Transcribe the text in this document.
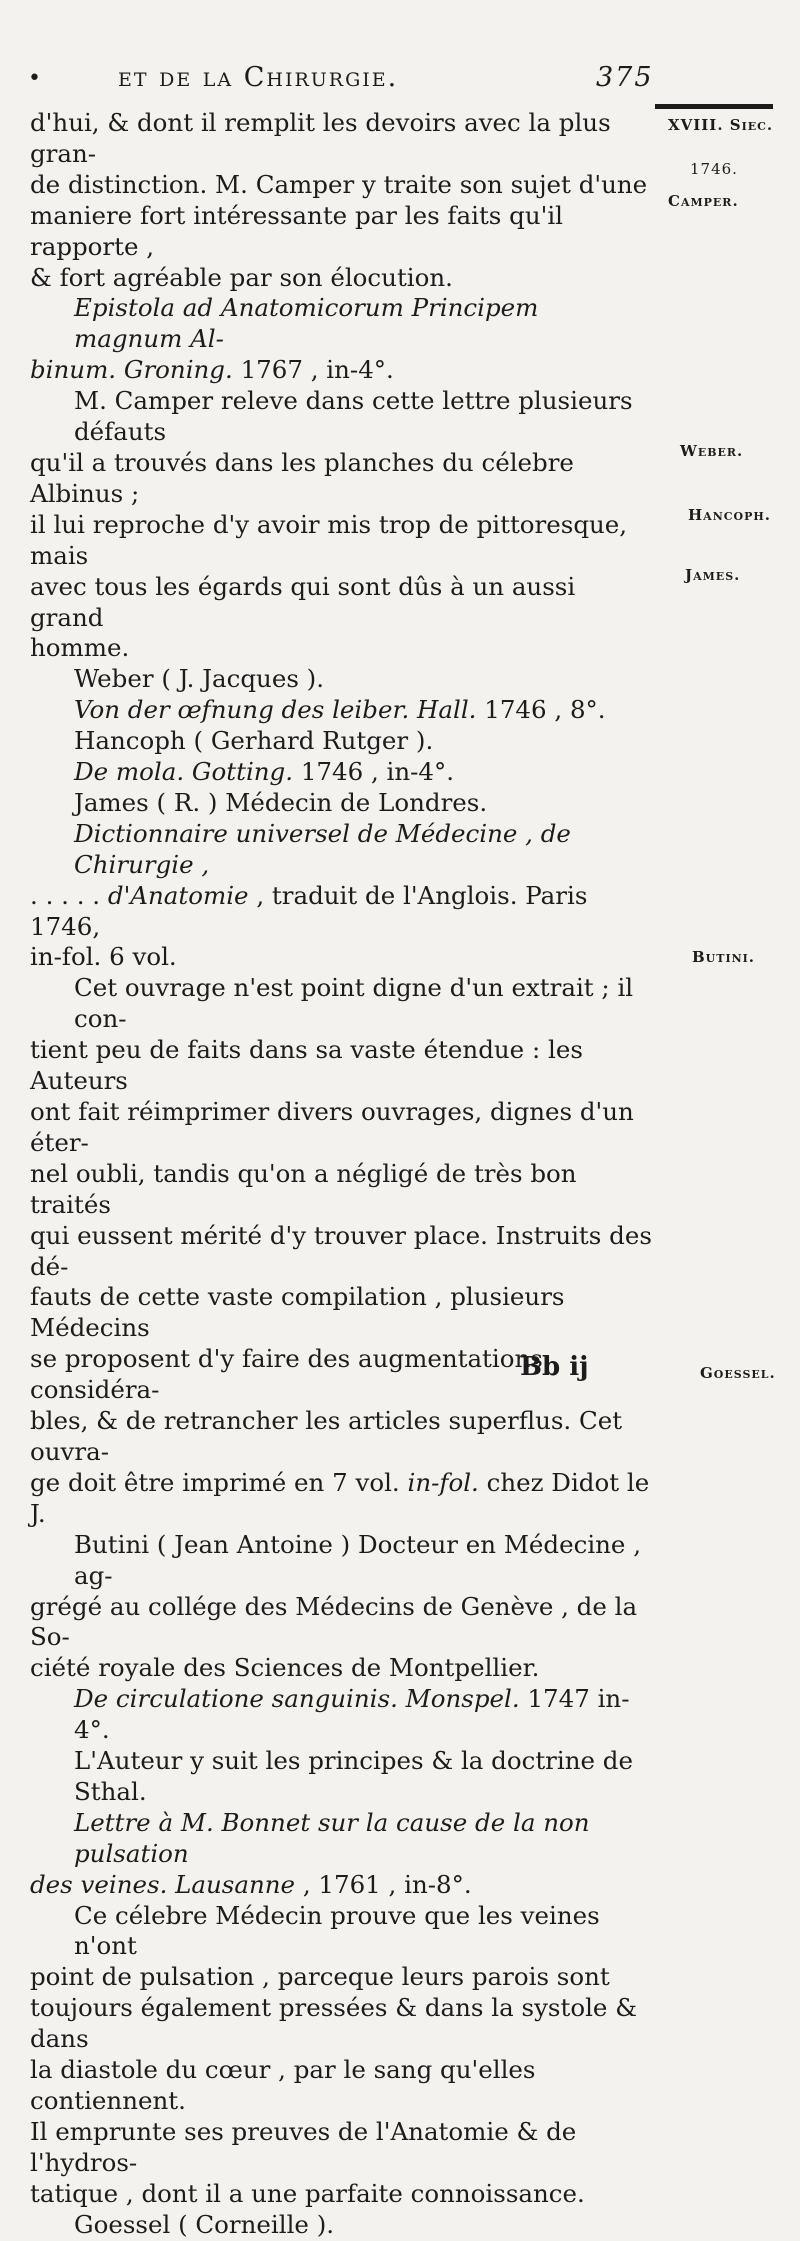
•	et de la Chirurgie.	375
XVIII. Siec.
1746.
Camper.
Weber.
Hancoph.
James.
Butini.
Goessel.
d'hui, & dont il remplit les devoirs avec la plus gran-
de distinction. M. Camper y traite son sujet d'une
maniere fort intéressante par les faits qu'il rapporte ,
& fort agréable par son élocution.
Epistola ad Anatomicorum Principem magnum Al-
binum. Groning. 1767 , in-4°.
M. Camper releve dans cette lettre plusieurs défauts
qu'il a trouvés dans les planches du célebre Albinus ;
il lui reproche d'y avoir mis trop de pittoresque, mais
avec tous les égards qui sont dûs à un aussi grand
homme.
Weber ( J. Jacques ).
Von der œfnung des leiber. Hall. 1746 , 8°.
Hancoph ( Gerhard Rutger ).
De mola. Gotting. 1746 , in-4°.
James ( R. ) Médecin de Londres.
Dictionnaire universel de Médecine , de Chirurgie ,
. . . . . d'Anatomie , traduit de l'Anglois. Paris 1746,
in-fol. 6 vol.
Cet ouvrage n'est point digne d'un extrait ; il con-
tient peu de faits dans sa vaste étendue : les Auteurs
ont fait réimprimer divers ouvrages, dignes d'un éter-
nel oubli, tandis qu'on a négligé de très bon traités
qui eussent mérité d'y trouver place. Instruits des dé-
fauts de cette vaste compilation , plusieurs Médecins
se proposent d'y faire des augmentations considéra-
bles, & de retrancher les articles superflus. Cet ouvra-
ge doit être imprimé en 7 vol. in-fol. chez Didot le J.
Butini ( Jean Antoine ) Docteur en Médecine , ag-
grégé au collége des Médecins de Genève , de la So-
ciété royale des Sciences de Montpellier.
De circulatione sanguinis. Monspel. 1747 in-4°.
L'Auteur y suit les principes & la doctrine de Sthal.
Lettre à M. Bonnet sur la cause de la non pulsation
des veines. Lausanne , 1761 , in-8°.
Ce célebre Médecin prouve que les veines n'ont
point de pulsation , parceque leurs parois sont
toujours également pressées & dans la systole & dans
la diastole du cœur , par le sang qu'elles contiennent.
Il emprunte ses preuves de l'Anatomie & de l'hydros-
tatique , dont il a une parfaite connoissance.
Goessel ( Corneille ).
Bb ij
